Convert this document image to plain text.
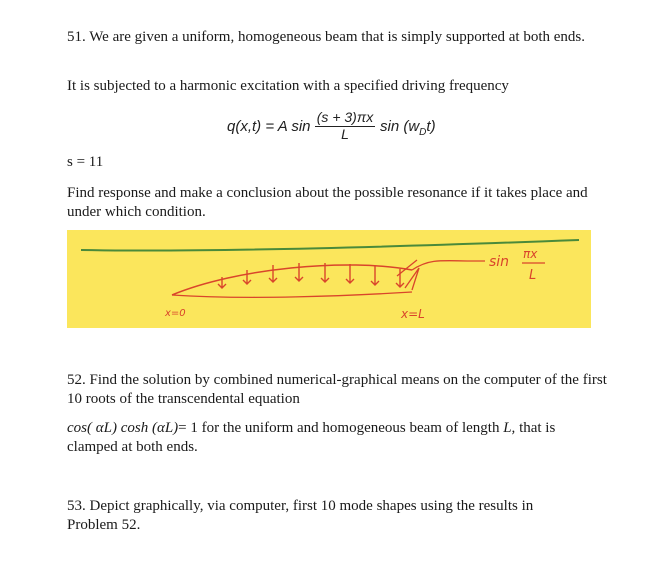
51. We are given a uniform, homogeneous beam that is simply supported at both ends.

It is subjected to a harmonic excitation with a specified driving frequency

q(x,t) = A sin
(s + 3)πx
L	$\sin (w_Dt)$

s = 11

Find response and make a conclusion about the possible resonance if it takes place and under which condition.

sin πx
L
x=0	x=L

52. Find the solution by combined numerical-graphical means on the computer of the first 10 roots of the transcendental equation

cos( αL) cosh (αL)= 1 for the uniform and homogeneous beam of length L, that is clamped at both ends.

53. Depict graphically, via computer, first 10 mode shapes using the results in Problem 52.
